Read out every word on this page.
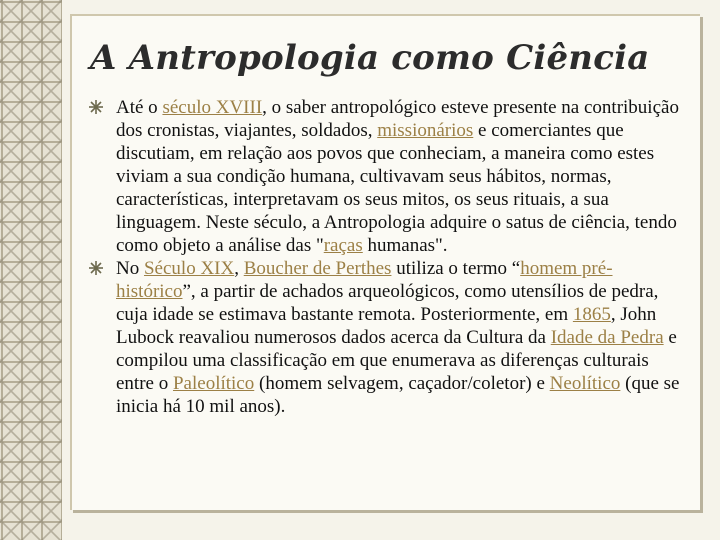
A Antropologia como Ciência
Até o século XVIII, o saber antropológico esteve presente na contribuição dos cronistas, viajantes, soldados, missionários e comerciantes que discutiam, em relação aos povos que conheciam, a maneira como estes viviam a sua condição humana, cultivavam seus hábitos, normas, características, interpretavam os seus mitos, os seus rituais, a sua linguagem. Neste século, a Antropologia adquire o satus de ciência, tendo como objeto a análise das "raças humanas".
No Século XIX, Boucher de Perthes utiliza o termo “homem pré-histórico”, a partir de achados arqueológicos, como utensílios de pedra, cuja idade se estimava bastante remota. Posteriormente, em 1865, John Lubock reavaliou numerosos dados acerca da Cultura da Idade da Pedra e compilou uma classificação em que enumerava as diferenças culturais entre o Paleolítico (homem selvagem, caçador/coletor) e Neolítico (que se inicia há 10 mil anos).
